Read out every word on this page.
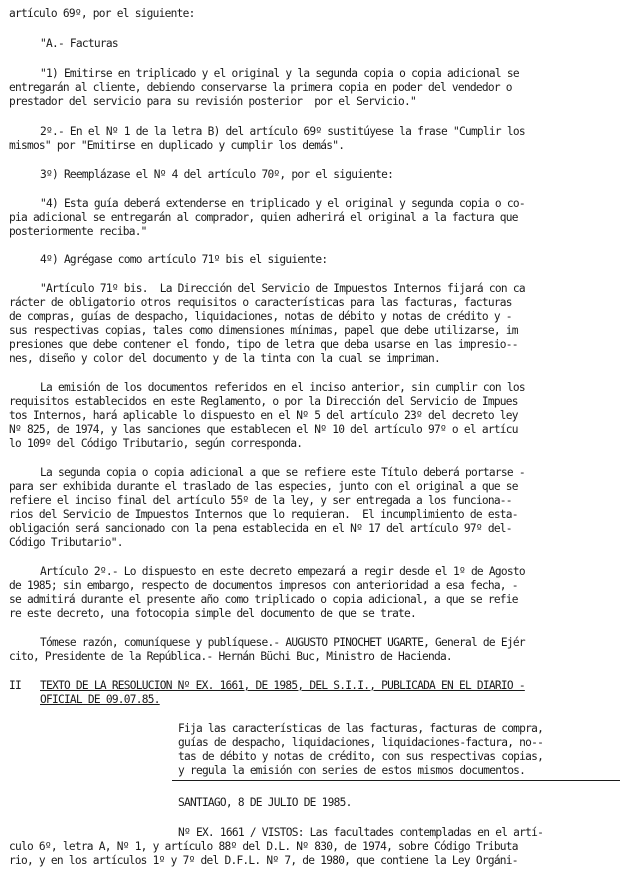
artículo 69º, por el siguiente:
"A.- Facturas
"1) Emitirse en triplicado y el original y la segunda copia o copia adicional se
entregarán al cliente, debiendo conservarse la primera copia en poder del vendedor o
prestador del servicio para su revisión posterior  por el Servicio."
2º.- En el Nº 1 de la letra B) del artículo 69º sustitúyese la frase "Cumplir los
mismos" por "Emitirse en duplicado y cumplir los demás".
3º) Reemplázase el Nº 4 del artículo 70º, por el siguiente:
"4) Esta guía deberá extenderse en triplicado y el original y segunda copia o co-
pia adicional se entregarán al comprador, quien adherirá el original a la factura que
posteriormente reciba."
4º) Agrégase como artículo 71º bis el siguiente:
"Artículo 71º bis.  La Dirección del Servicio de Impuestos Internos fijará con ca
rácter de obligatorio otros requisitos o características para las facturas, facturas
de compras, guías de despacho, liquidaciones, notas de débito y notas de crédito y -
sus respectivas copias, tales como dimensiones mínimas, papel que debe utilizarse, im
presiones que debe contener el fondo, tipo de letra que deba usarse en las impresio--
nes, diseño y color del documento y de la tinta con la cual se impriman.
La emisión de los documentos referidos en el inciso anterior, sin cumplir con los
requisitos establecidos en este Reglamento, o por la Dirección del Servicio de Impues
tos Internos, hará aplicable lo dispuesto en el Nº 5 del artículo 23º del decreto ley
Nº 825, de 1974, y las sanciones que establecen el Nº 10 del artículo 97º o el artícu
lo 109º del Código Tributario, según corresponda.
La segunda copia o copia adicional a que se refiere este Título deberá portarse -
para ser exhibida durante el traslado de las especies, junto con el original a que se
refiere el inciso final del artículo 55º de la ley, y ser entregada a los funciona--
rios del Servicio de Impuestos Internos que lo requieran.  El incumplimiento de esta-
obligación será sancionado con la pena establecida en el Nº 17 del artículo 97º del-
Código Tributario".
Artículo 2º.- Lo dispuesto en este decreto empezará a regir desde el 1º de Agosto
de 1985; sin embargo, respecto de documentos impresos con anterioridad a esa fecha, -
se admitirá durante el presente año como triplicado o copia adicional, a que se refie
re este decreto, una fotocopia simple del documento de que se trate.
Tómese razón, comuníquese y publíquese.- AUGUSTO PINOCHET UGARTE, General de Ejér
cito, Presidente de la República.- Hernán Büchi Buc, Ministro de Hacienda.
II TEXTO DE LA RESOLUCION Nº EX. 1661, DE 1985, DEL S.I.I., PUBLICADA EN EL DIARIO -
OFICIAL DE 09.07.85.
Fija las características de las facturas, facturas de compra,
guías de despacho, liquidaciones, liquidaciones-factura, no--
tas de débito y notas de crédito, con sus respectivas copias,
y regula la emisión con series de estos mismos documentos.
SANTIAGO, 8 DE JULIO DE 1985.
Nº EX. 1661 / VISTOS: Las facultades contempladas en el artí-
culo 6º, letra A, Nº 1, y artículo 88º del D.L. Nº 830, de 1974, sobre Código Tributa
rio, y en los artículos 1º y 7º del D.F.L. Nº 7, de 1980, que contiene la Ley Orgáni-
